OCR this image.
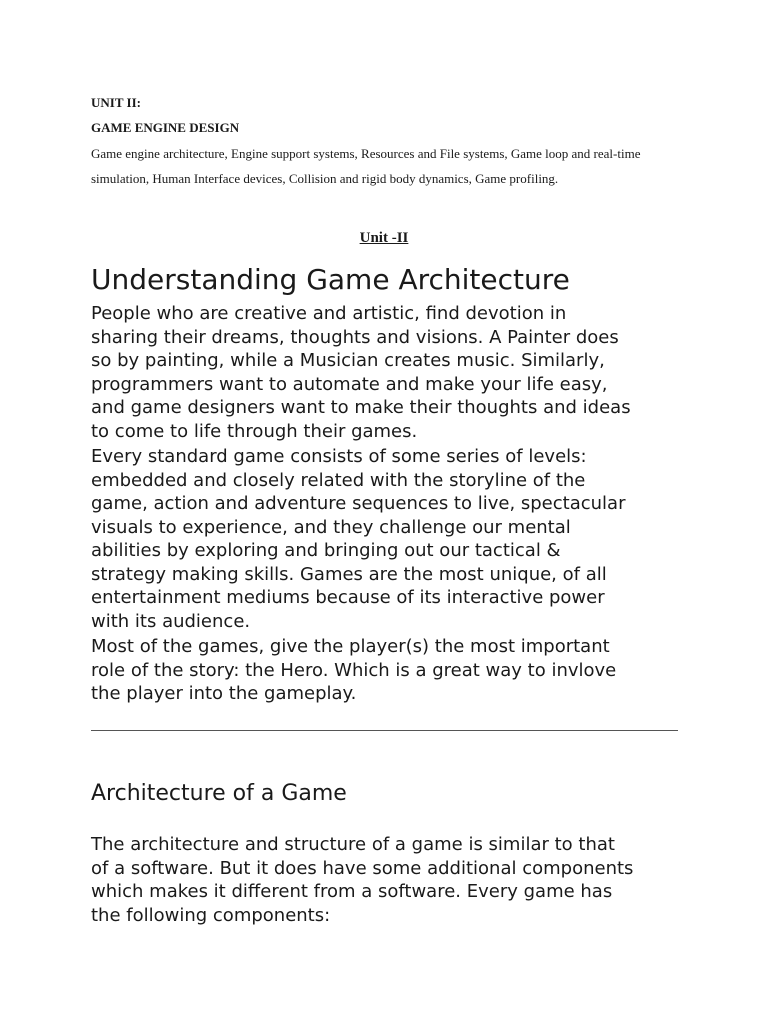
UNIT II:
GAME ENGINE DESIGN
Game engine architecture, Engine support systems, Resources and File systems, Game loop and real-time
simulation, Human Interface devices, Collision and rigid body dynamics, Game profiling.
Unit -II
Understanding Game Architecture
People who are creative and artistic, find devotion in
sharing their dreams, thoughts and visions. A Painter does
so by painting, while a Musician creates music. Similarly,
programmers want to automate and make your life easy,
and game designers want to make their thoughts and ideas
to come to life through their games.
Every standard game consists of some series of levels:
embedded and closely related with the storyline of the
game, action and adventure sequences to live, spectacular
visuals to experience, and they challenge our mental
abilities by exploring and bringing out our tactical &
strategy making skills. Games are the most unique, of all
entertainment mediums because of its interactive power
with its audience.
Most of the games, give the player(s) the most important
role of the story: the Hero. Which is a great way to invlove
the player into the gameplay.
Architecture of a Game
The architecture and structure of a game is similar to that
of a software. But it does have some additional components
which makes it different from a software. Every game has
the following components:
